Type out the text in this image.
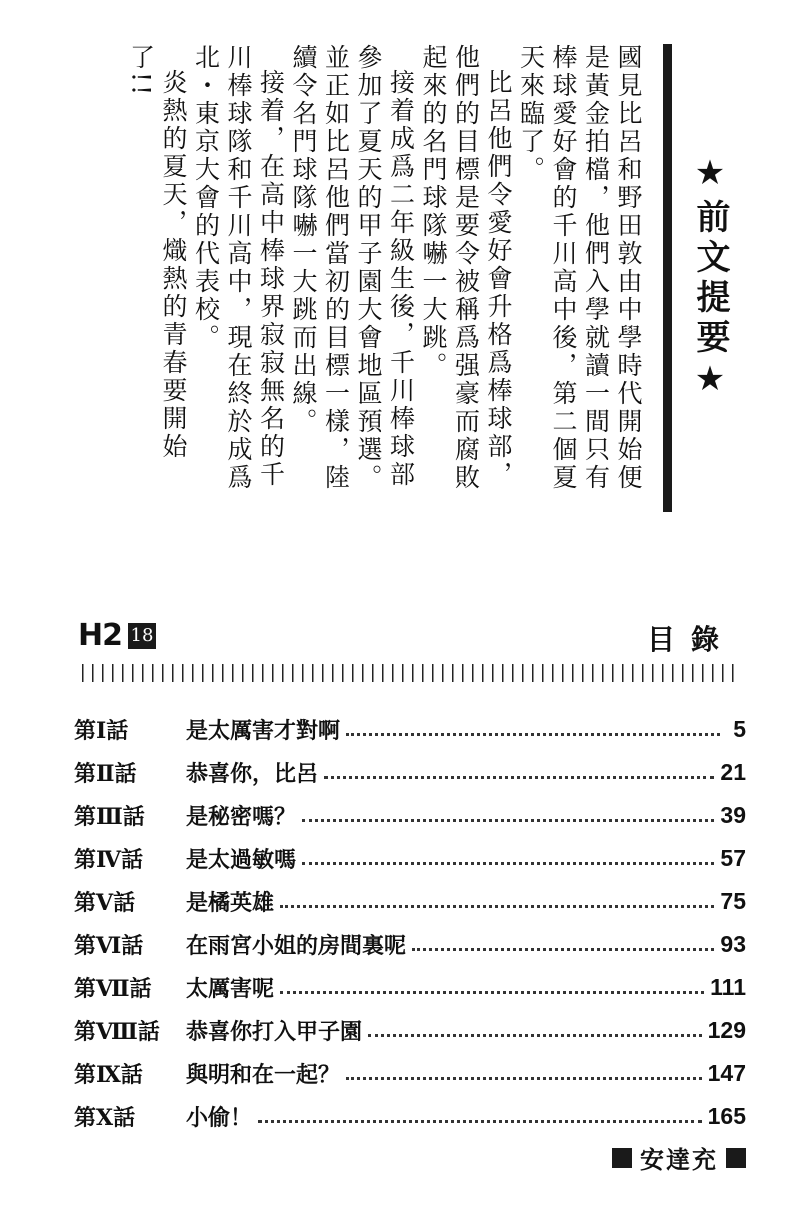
★前文提要★

國見比呂和野田敦由中學時代開始便是黃金拍檔，他們入學就讀一間只有棒球愛好會的千川高中後，第二個夏天來臨了。

比呂他們令愛好會升格爲棒球部，他們的目標是要令被稱爲强豪而腐敗起來的名門球隊嚇一大跳。

接着成爲二年級生後，千川棒球部參加了夏天的甲子園大會地區預選。並正如比呂他們當初的目標一樣，陸續令名門球隊嚇一大跳而出線。

接着，在高中棒球界寂寂無名的千川棒球隊和千川高中，現在終於成爲北・東京大會的代表校。

炎熱的夏天，熾熱的青春要開始了!!

H2 18	目錄
第Ⅰ話	是太厲害才對啊	5
第Ⅱ話	恭喜你，比呂	21
第Ⅲ話	是秘密嗎？	39
第Ⅳ話	是太過敏嗎	57
第Ⅴ話	是橘英雄	75
第Ⅵ話	在雨宮小姐的房間裏呢	93
第Ⅶ話	太厲害呢	111
第Ⅷ話	恭喜你打入甲子園	129
第Ⅸ話	與明和在一起？	147
第Ⅹ話	小偷！	165
安達充
